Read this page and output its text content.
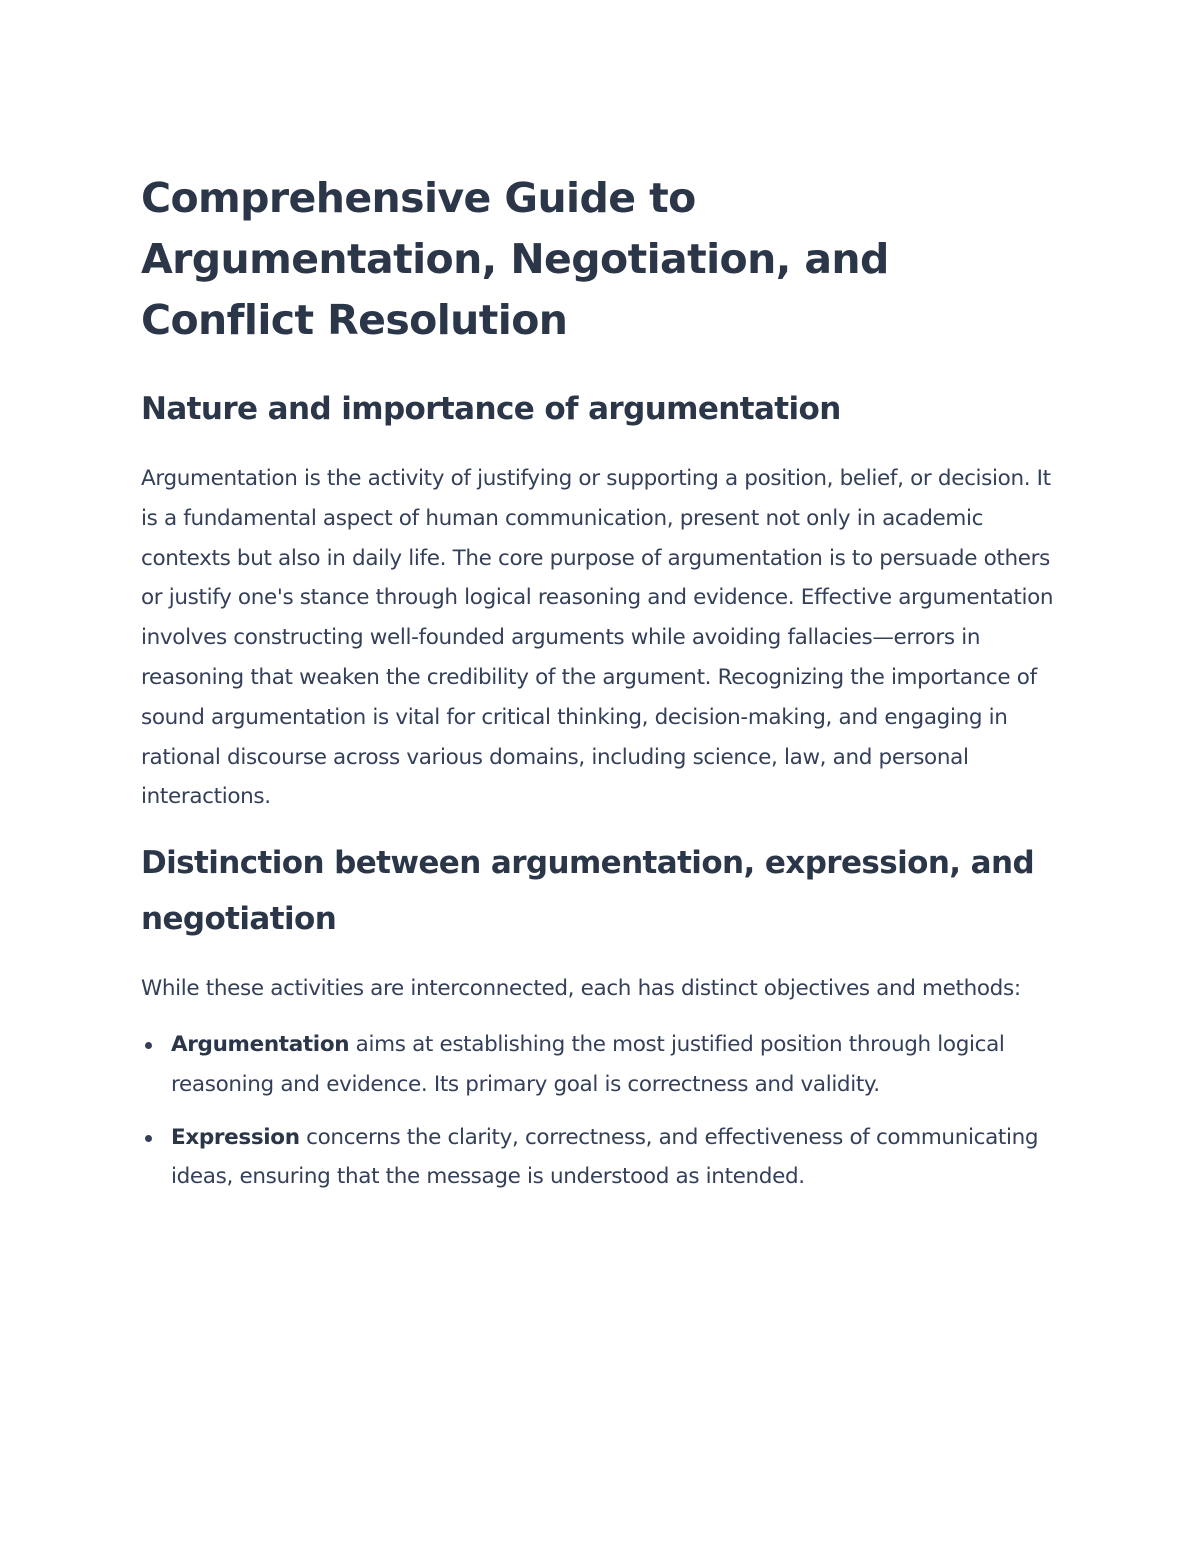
Comprehensive Guide to Argumentation, Negotiation, and Conflict Resolution
Nature and importance of argumentation

Argumentation is the activity of justifying or supporting a position, belief, or decision. It is a fundamental aspect of human communication, present not only in academic contexts but also in daily life. The core purpose of argumentation is to persuade others or justify one's stance through logical reasoning and evidence. Effective argumentation involves constructing well-founded arguments while avoiding fallacies—errors in reasoning that weaken the credibility of the argument. Recognizing the importance of sound argumentation is vital for critical thinking, decision-making, and engaging in rational discourse across various domains, including science, law, and personal interactions.

Distinction between argumentation, expression, and negotiation

While these activities are interconnected, each has distinct objectives and methods:

Argumentation aims at establishing the most justified position through logical reasoning and evidence. Its primary goal is correctness and validity.
Expression concerns the clarity, correctness, and effectiveness of communicating ideas, ensuring that the message is understood as intended.
